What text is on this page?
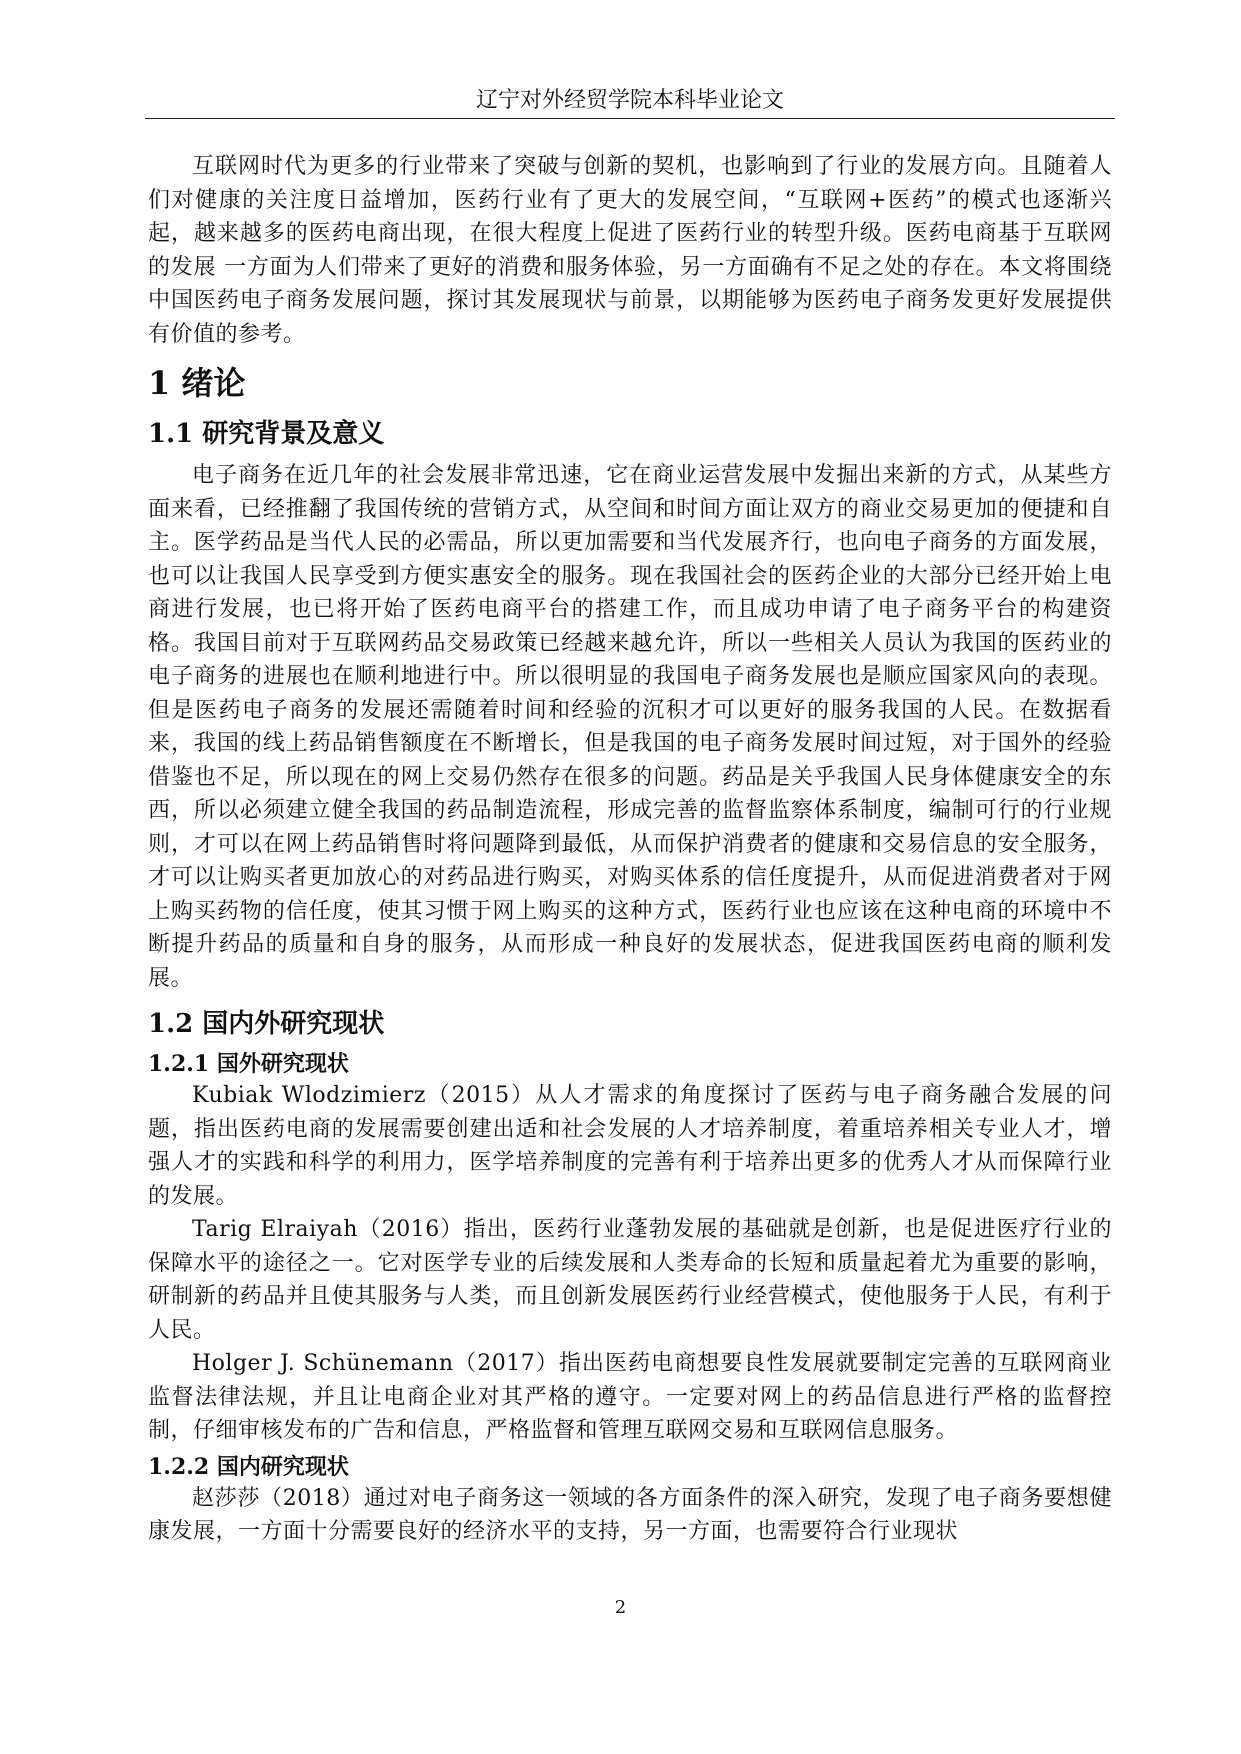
辽宁对外经贸学院本科毕业论文

互联网时代为更多的行业带来了突破与创新的契机，也影响到了行业的发展方向。且随着人们对健康的关注度日益增加，医药行业有了更大的发展空间，“互联网+医药”的模式也逐渐兴起，越来越多的医药电商出现，在很大程度上促进了医药行业的转型升级。医药电商基于互联网的发展 一方面为人们带来了更好的消费和服务体验，另一方面确有不足之处的存在。本文将围绕中国医药电子商务发展问题，探讨其发展现状与前景，以期能够为医药电子商务发更好发展提供有价值的参考。

1 绪论
1.1 研究背景及意义

电子商务在近几年的社会发展非常迅速，它在商业运营发展中发掘出来新的方式，从某些方面来看，已经推翻了我国传统的营销方式，从空间和时间方面让双方的商业交易更加的便捷和自主。医学药品是当代人民的必需品，所以更加需要和当代发展齐行，也向电子商务的方面发展，也可以让我国人民享受到方便实惠安全的服务。现在我国社会的医药企业的大部分已经开始上电商进行发展，也已将开始了医药电商平台的搭建工作，而且成功申请了电子商务平台的构建资格。我国目前对于互联网药品交易政策已经越来越允许，所以一些相关人员认为我国的医药业的电子商务的进展也在顺利地进行中。所以很明显的我国电子商务发展也是顺应国家风向的表现。但是医药电子商务的发展还需随着时间和经验的沉积才可以更好的服务我国的人民。在数据看来，我国的线上药品销售额度在不断增长，但是我国的电子商务发展时间过短，对于国外的经验借鉴也不足，所以现在的网上交易仍然存在很多的问题。药品是关乎我国人民身体健康安全的东西，所以必须建立健全我国的药品制造流程，形成完善的监督监察体系制度，编制可行的行业规则，才可以在网上药品销售时将问题降到最低，从而保护消费者的健康和交易信息的安全服务，才可以让购买者更加放心的对药品进行购买，对购买体系的信任度提升，从而促进消费者对于网上购买药物的信任度，使其习惯于网上购买的这种方式，医药行业也应该在这种电商的环境中不断提升药品的质量和自身的服务，从而形成一种良好的发展状态，促进我国医药电商的顺利发展。

1.2 国内外研究现状
1.2.1 国外研究现状

Kubiak Wlodzimierz（2015）从人才需求的角度探讨了医药与电子商务融合发展的问题，指出医药电商的发展需要创建出适和社会发展的人才培养制度，着重培养相关专业人才，增强人才的实践和科学的利用力，医学培养制度的完善有利于培养出更多的优秀人才从而保障行业的发展。

Tarig Elraiyah（2016）指出，医药行业蓬勃发展的基础就是创新，也是促进医疗行业的保障水平的途径之一。它对医学专业的后续发展和人类寿命的长短和质量起着尤为重要的影响，研制新的药品并且使其服务与人类，而且创新发展医药行业经营模式，使他服务于人民，有利于人民。

Holger J. Schünemann（2017）指出医药电商想要良性发展就要制定完善的互联网商业监督法律法规，并且让电商企业对其严格的遵守。一定要对网上的药品信息进行严格的监督控制，仔细审核发布的广告和信息，严格监督和管理互联网交易和互联网信息服务。

1.2.2 国内研究现状

赵莎莎（2018）通过对电子商务这一领域的各方面条件的深入研究，发现了电子商务要想健康发展，一方面十分需要良好的经济水平的支持，另一方面，也需要符合行业现状

2
